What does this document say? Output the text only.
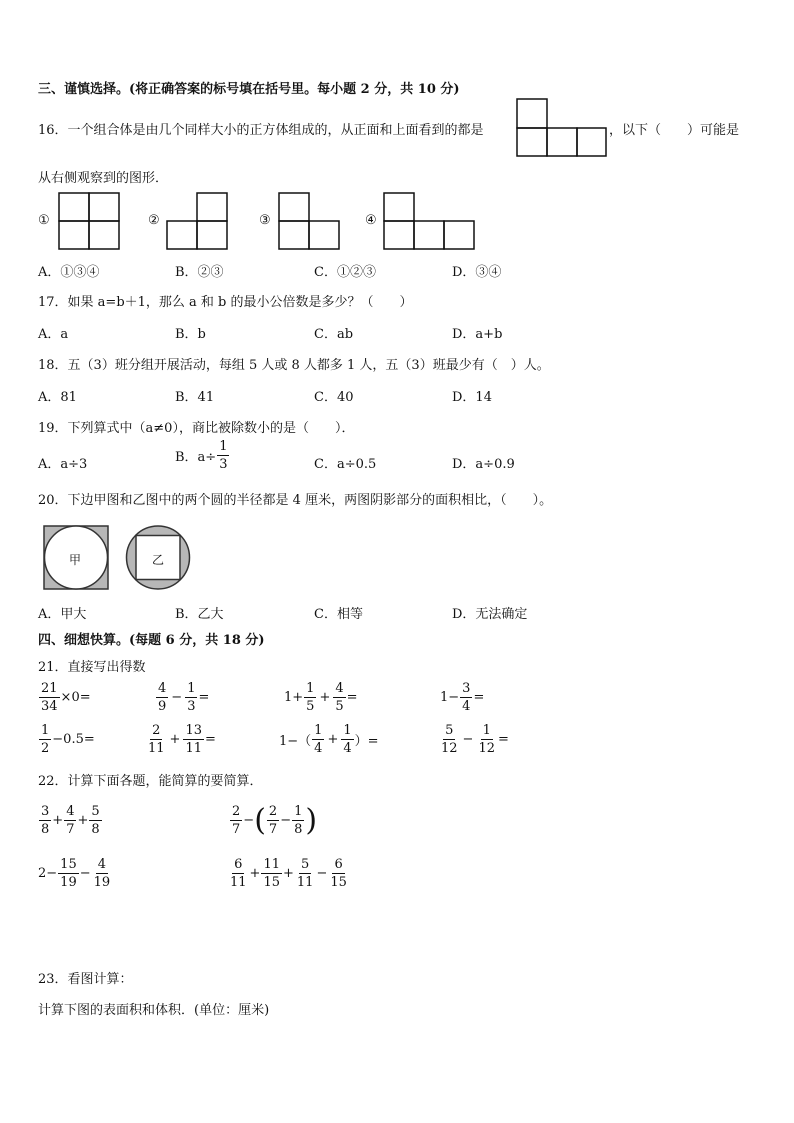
三、谨慎选择。(将正确答案的标号填在括号里。每小题 2 分，共 10 分)
16．一个组合体是由几个同样大小的正方体组成的，从正面和上面看到的都是	，以下（　　）可能是
从右侧观察到的图形．
①	②	③	④
A．①③④	B．②③	C．①②③	D．③④
17．如果 a=b＋1，那么 a 和 b 的最小公倍数是多少？（　　）
A．a	B．b	C．ab	D．a+b
18．五（3）班分组开展活动，每组 5 人或 8 人都多 1 人，五（3）班最少有（　）人。
A．81	B．41	C．40	D．14
19．下列算式中（a≠0），商比被除数小的是（　　）．
A．a÷3	B．$a\div \frac{1}{3}$	C．a÷0.5	D．a÷0.9
20．下边甲图和乙图中的两个圆的半径都是 4 厘米，两图阴影部分的面积相比，（　　）。
甲	乙
A．甲大	B．乙大	C．相等	D．无法确定
四、细想快算。(每题 6 分，共 18 分)
21．直接写出得数
$\frac{21}{34} \times 0=$	$\frac{4}{9} - \frac{1}{3}$ =	$1+ \frac{1}{5} + \frac{4}{5}$ =	$1- \frac{3}{4}$ =
$\frac{1}{2} -0.5=$	$\frac{2}{11} + \frac{13}{11}$ =	$1-( \frac{1}{4} + \frac{1}{4}$ ）=	$\frac{5}{12} - \frac{1}{12}$ =
22．计算下面各题，能简算的要简算．
$\frac{3}{8} + \frac{4}{7} + \frac{5}{8}$	$\frac{2}{7}$ − ( $\frac{2}{7} - \frac{1}{8}$ )
$2- \frac{15}{19} - \frac{4}{19}$	$\frac{6}{11} + \frac{11}{15} + \frac{5}{11} - \frac{6}{15}$
23．看图计算：
计算下图的表面积和体积．(单位：厘米)
